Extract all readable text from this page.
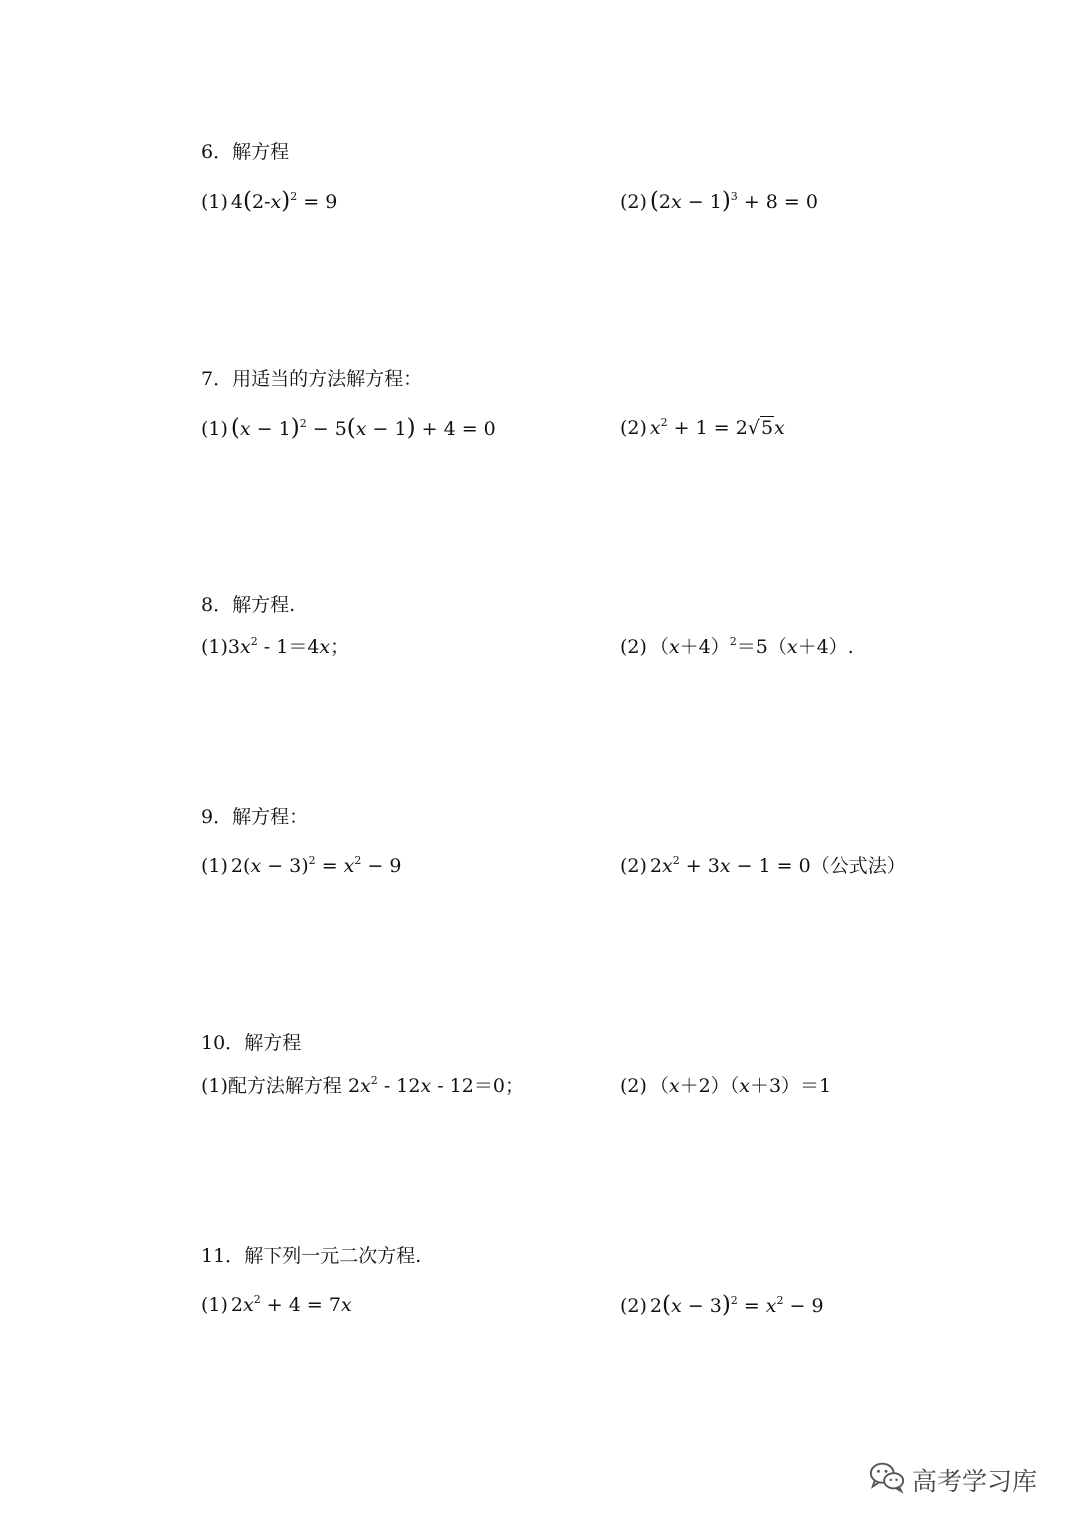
6．解方程
(1) $4(2-x)^2 = 9$	(2) $(2x - 1)^3 + 8 = 0$
7．用适当的方法解方程：
(1) $(x - 1)^2 - 5(x - 1) + 4 = 0$	(2) $x^2 + 1 = 2√5x$
8．解方程.
$(1)3x^2 - 1=4x$；	(2) $(x+4)^2=5(x+4)$.
9．解方程：
(1) $2(x - 3)^2 = x^2 - 9$	(2) $2x^2 + 3x - 1 = 0$（公式法）
10．解方程
(1)配方法解方程 $2x^2 - 12x - 12=0$；	(2) （x＋2）（x＋3）＝1
11．解下列一元二次方程.
(1) $2x^2 + 4 = 7x$	(2) $2(x - 3)^2 = x^2 - 9$
高考学习库
